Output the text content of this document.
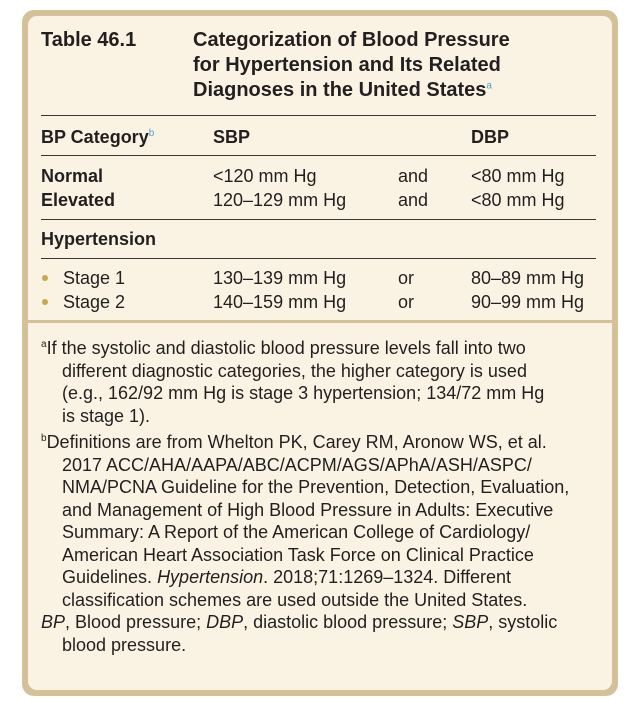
Table 46.1	Categorization of Blood Pressure
for Hypertension and Its Related
Diagnoses in the United States$^a$
BP Category$^b$	SBP	DBP
Normal	<120 mm Hg	and <80 mm Hg
Elevated	120–129 mm Hg	and <80 mm Hg
Hypertension
Stage 1	130–139 mm Hg	or	80–89 mm Hg
Stage 2	140–159 mm Hg	or	90–99 mm Hg
$^a$If the systolic and diastolic blood pressure levels fall into two
different diagnostic categories, the higher category is used
(e.g., 162/92 mm Hg is stage 3 hypertension; 134/72 mm Hg
is stage 1).
$^b$Definitions are from Whelton PK, Carey RM, Aronow WS, et al.
2017 ACC/AHA/AAPA/ABC/ACPM/AGS/APhA/ASH/ASPC/
NMA/PCNA Guideline for the Prevention, Detection, Evaluation,
and Management of High Blood Pressure in Adults: Executive
Summary: A Report of the American College of Cardiology/
American Heart Association Task Force on Clinical Practice
Guidelines. Hypertension. 2018;71:1269–1324. Different
classification schemes are used outside the United States.
BP, Blood pressure; DBP, diastolic blood pressure; SBP, systolic
blood pressure.
